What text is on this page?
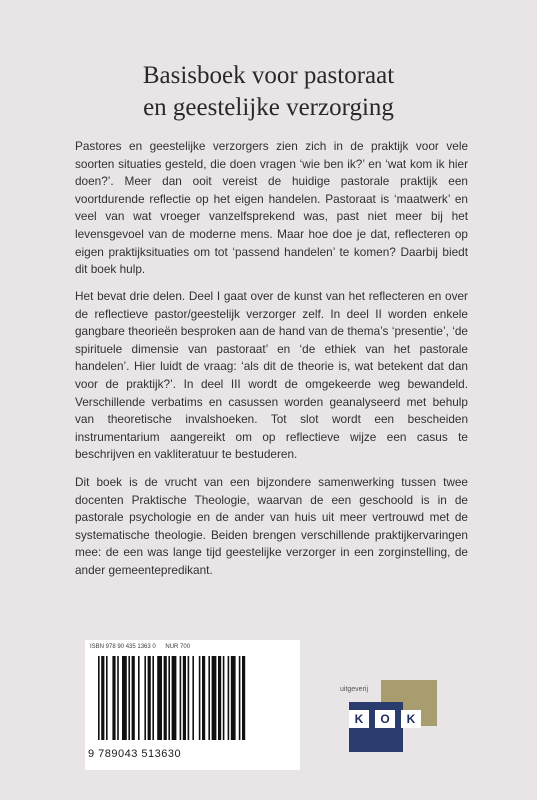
Basisboek voor pastoraat
en geestelijke verzorging
Pastores en geestelijke verzorgers zien zich in de praktijk voor vele soorten situaties gesteld, die doen vragen ‘wie ben ik?’ en ‘wat kom ik hier doen?’. Meer dan ooit vereist de huidige pastorale praktijk een voortdurende reflectie op het eigen handelen. Pastoraat is ‘maatwerk’ en veel van wat vroeger vanzelfsprekend was, past niet meer bij het levensgevoel van de moderne mens. Maar hoe doe je dat, reflecteren op eigen praktijksituaties om tot ‘passend handelen’ te komen? Daarbij biedt dit boek hulp.
Het bevat drie delen. Deel I gaat over de kunst van het reflecteren en over de reflectieve pastor/geestelijk verzorger zelf. In deel II worden enkele gangbare theorieën besproken aan de hand van de thema’s ‘presentie’, ‘de spirituele dimensie van pastoraat’ en ‘de ethiek van het pastorale handelen’. Hier luidt de vraag: ‘als dit de theorie is, wat betekent dat dan voor de praktijk?’. In deel III wordt de omgekeerde weg bewandeld. Verschillende verbatims en casussen worden geanalyseerd met behulp van theoretische invalshoeken. Tot slot wordt een bescheiden instrumentarium aangereikt om op reflectieve wijze een casus te beschrijven en vakliteratuur te bestuderen.
Dit boek is de vrucht van een bijzondere samenwerking tussen twee docenten Praktische Theologie, waarvan de een geschoold is in de pastorale psychologie en de ander van huis uit meer vertrouwd met de systematische theologie. Beiden brengen verschillende praktijkervaringen mee: de een was lange tijd geestelijke verzorger in een zorginstelling, de ander gemeentepredikant.
ISBN 978 90 435 1363 0 NUR 700
9 789043 513630
K	O	K
uitgeverij
